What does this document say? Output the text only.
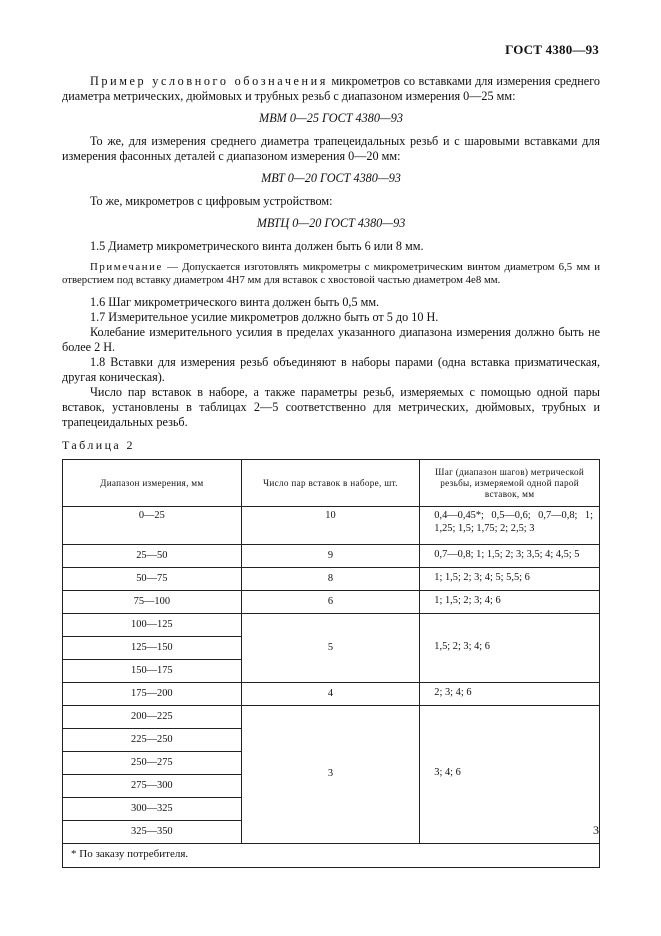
ГОСТ 4380—93

Пример условного обозначения микрометров со вставками для измерения среднего диаметра метрических, дюймовых и трубных резьб с диапазоном измерения 0—25 мм:

МВМ 0—25 ГОСТ 4380—93

То же, для измерения среднего диаметра трапецеидальных резьб и с шаровыми вставками для измерения фасонных деталей с диапазоном измерения 0—20 мм:

МВТ 0—20 ГОСТ 4380—93

То же, микрометров с цифровым устройством:

МВТЦ 0—20 ГОСТ 4380—93

1.5 Диаметр микрометрического винта должен быть 6 или 8 мм.

Примечание — Допускается изготовлять микрометры с микрометрическим винтом диаметром 6,5 мм и отверстием под вставку диаметром 4Н7 мм для вставок с хвостовой частью диаметром 4е8 мм.

1.6 Шаг микрометрического винта должен быть 0,5 мм.

1.7 Измерительное усилие микрометров должно быть от 5 до 10 Н.

Колебание измерительного усилия в пределах указанного диапазона измерения должно быть не более 2 Н.

1.8 Вставки для измерения резьб объединяют в наборы парами (одна вставка призматическая, другая коническая).

Число пар вставок в наборе, а также параметры резьб, измеряемых с помощью одной пары вставок, установлены в таблицах 2—5 соответственно для метрических, дюймовых, трубных и трапецеидальных резьб.

Таблица 2
Диапазон измерения, мм	Число пар вставок в наборе, шт.	Шаг (диапазон шагов) метрической резьбы, измеряемой одной парой вставок, мм
0—25	10	0,4—0,45*; 0,5—0,6; 0,7—0,8; 1; 1,25; 1,5; 1,75; 2; 2,5; 3
25—50	9	0,7—0,8; 1; 1,5; 2; 3; 3,5; 4; 4,5; 5
50—75	8	1; 1,5; 2; 3; 4; 5; 5,5; 6
75—100	6	1; 1,5; 2; 3; 4; 6
100—125	5	1,5; 2; 3; 4; 6
125—150		
150—175		
175—200	4	2; 3; 4; 6
200—225	3	3; 4; 6
225—250		
250—275		
275—300		
300—325		
325—350		
* По заказу потребителя.		
3
